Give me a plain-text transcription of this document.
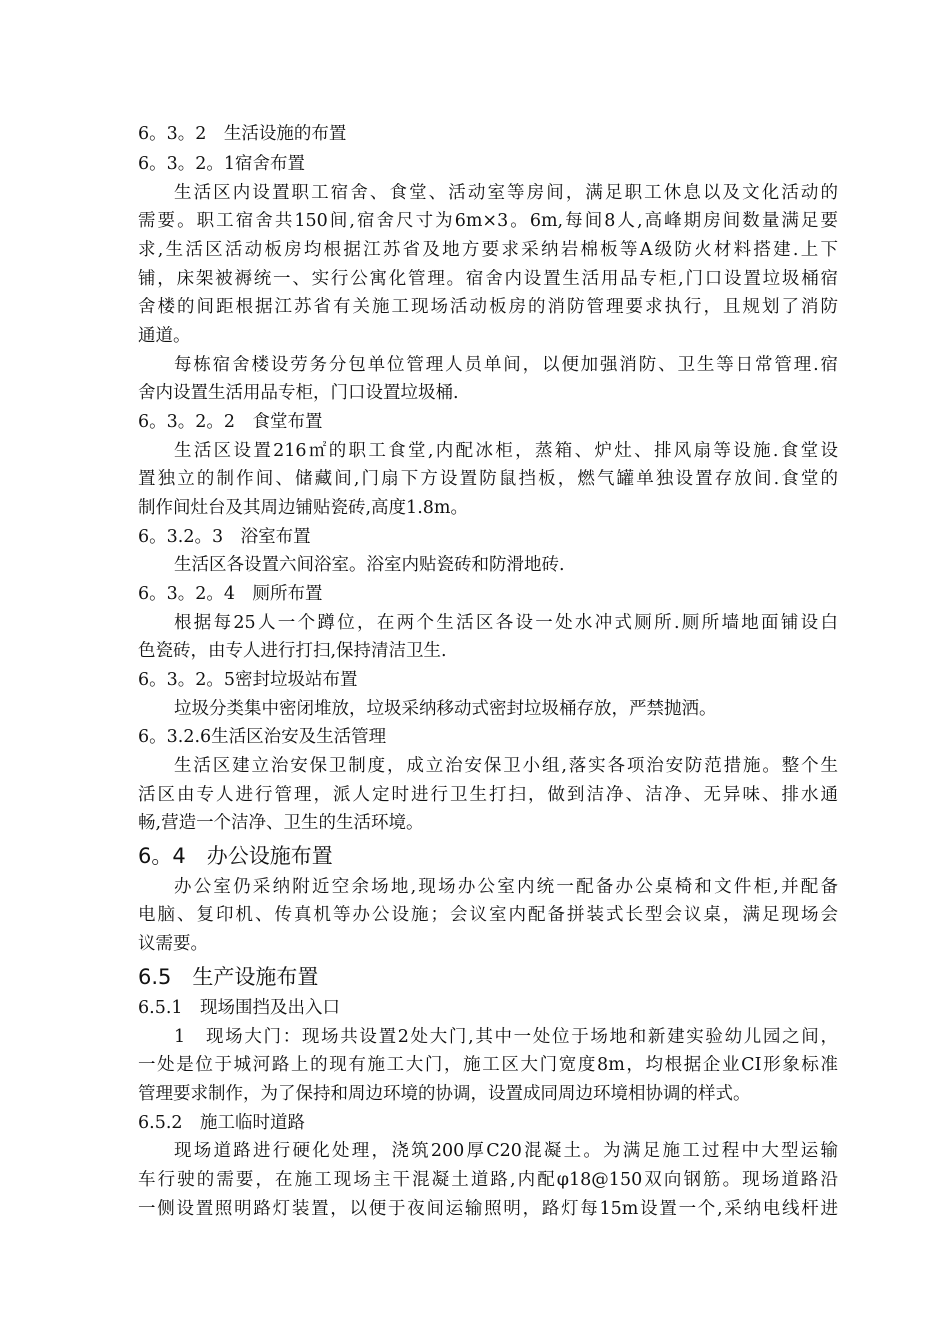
6。3。2　生活设施的布置
6。3。2。1宿舍布置
生活区内设置职工宿舍、食堂、活动室等房间，满足职工休息以及文化活动的
需要。职工宿舍共150间,宿舍尺寸为6m×3。6m,每间8人,高峰期房间数量满足要
求,生活区活动板房均根据江苏省及地方要求采纳岩棉板等A级防火材料搭建.上下
铺，床架被褥统一、实行公寓化管理。宿舍内设置生活用品专柜,门口设置垃圾桶宿
舍楼的间距根据江苏省有关施工现场活动板房的消防管理要求执行，且规划了消防
通道。
每栋宿舍楼设劳务分包单位管理人员单间，以便加强消防、卫生等日常管理.宿
舍内设置生活用品专柜，门口设置垃圾桶.
6。3。2。2　食堂布置
生活区设置216㎡的职工食堂,内配冰柜，蒸箱、炉灶、排风扇等设施.食堂设
置独立的制作间、储藏间,门扇下方设置防鼠挡板，燃气罐单独设置存放间.食堂的
制作间灶台及其周边铺贴瓷砖,高度1.8m。
6。3.2。3　浴室布置
生活区各设置六间浴室。浴室内贴瓷砖和防滑地砖.
6。3。2。4　厕所布置
根据每25人一个蹲位，在两个生活区各设一处水冲式厕所.厕所墙地面铺设白
色瓷砖，由专人进行打扫,保持清洁卫生.
6。3。2。5密封垃圾站布置
垃圾分类集中密闭堆放，垃圾采纳移动式密封垃圾桶存放，严禁抛洒。
6。3.2.6生活区治安及生活管理
生活区建立治安保卫制度，成立治安保卫小组,落实各项治安防范措施。整个生
活区由专人进行管理，派人定时进行卫生打扫，做到洁净、洁净、无异味、排水通
畅,营造一个洁净、卫生的生活环境。
6。4　办公设施布置
办公室仍采纳附近空余场地,现场办公室内统一配备办公桌椅和文件柜,并配备
电脑、复印机、传真机等办公设施；会议室内配备拼装式长型会议桌，满足现场会
议需要。
6.5　生产设施布置
6.5.1　现场围挡及出入口
1　现场大门：现场共设置2处大门,其中一处位于场地和新建实验幼儿园之间，
一处是位于城河路上的现有施工大门，施工区大门宽度8m，均根据企业CI形象标准
管理要求制作，为了保持和周边环境的协调，设置成同周边环境相协调的样式。
6.5.2　施工临时道路
现场道路进行硬化处理，浇筑200厚C20混凝土。为满足施工过程中大型运输
车行驶的需要，在施工现场主干混凝土道路,内配φ18@150双向钢筋。现场道路沿
一侧设置照明路灯装置，以便于夜间运输照明，路灯每15m设置一个,采纳电线杆进
